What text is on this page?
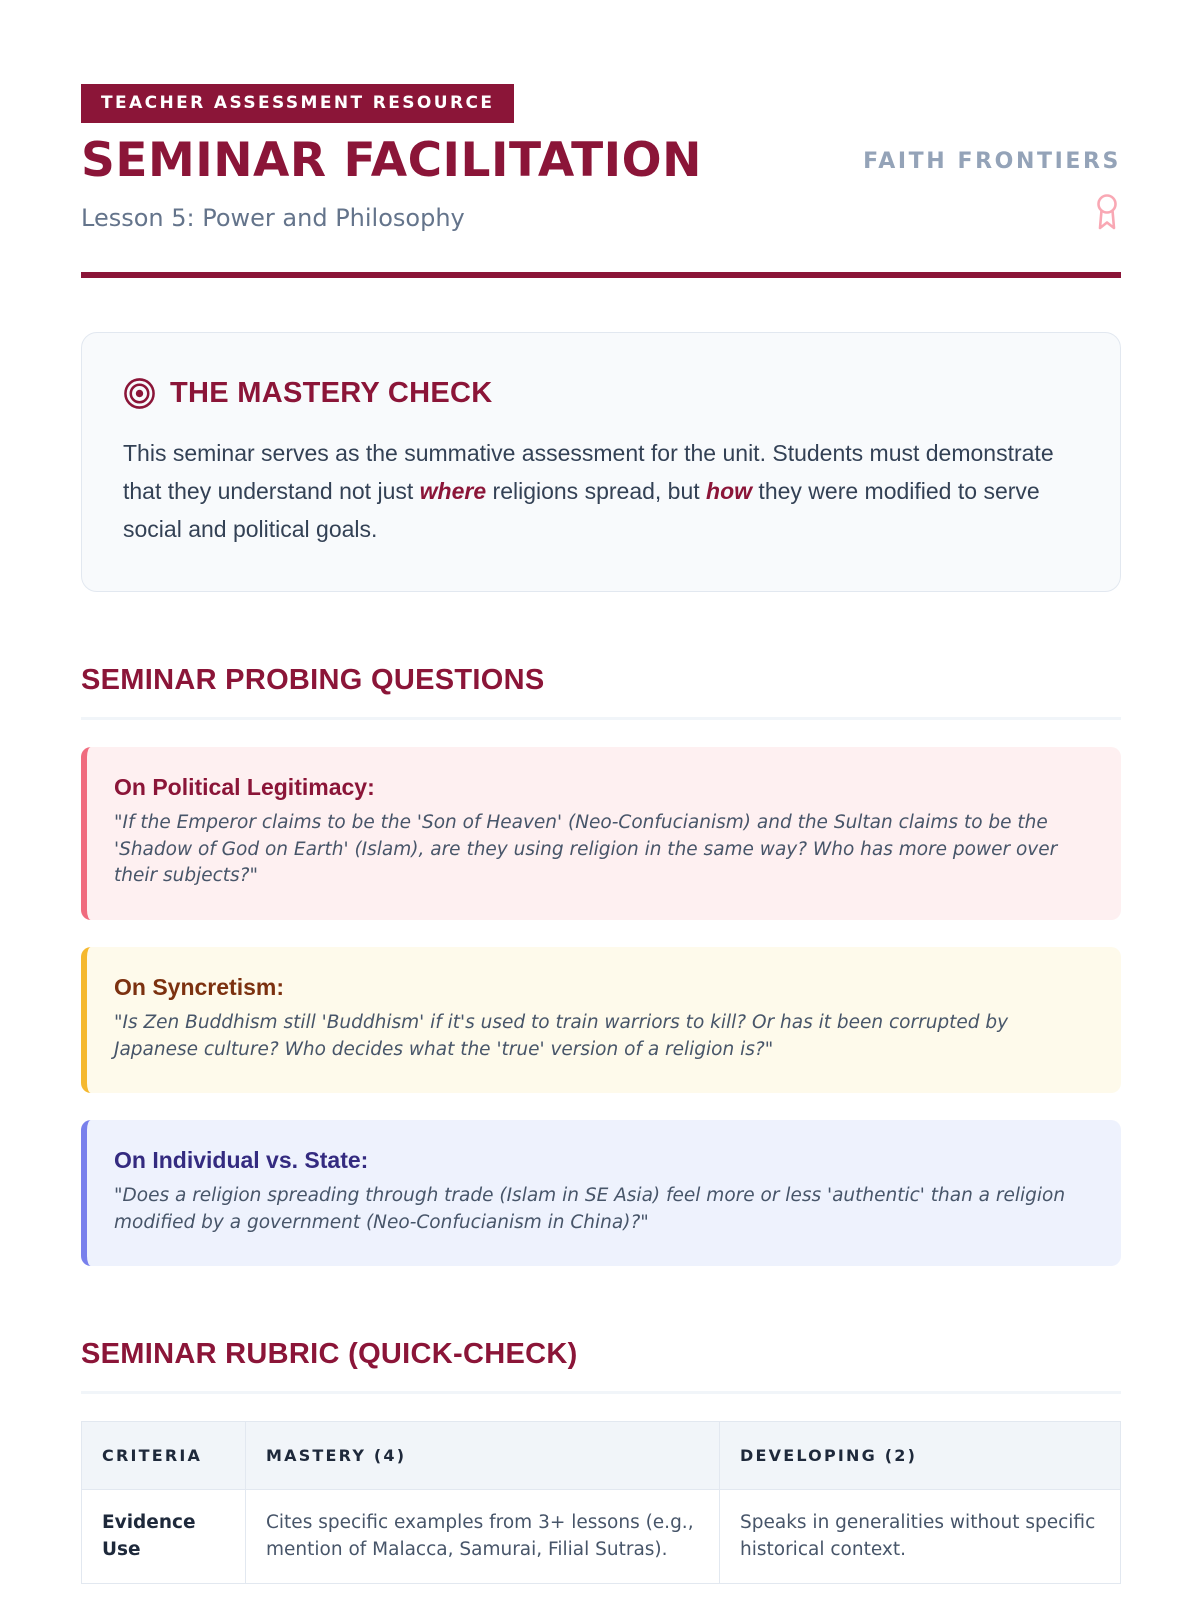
TEACHER ASSESSMENT RESOURCE
SEMINAR FACILITATION
Lesson 5: Power and Philosophy
FAITH FRONTIERS
THE MASTERY CHECK
This seminar serves as the summative assessment for the unit. Students must demonstrate that they understand not just where religions spread, but how they were modified to serve social and political goals.
SEMINAR PROBING QUESTIONS
On Political Legitimacy:
"If the Emperor claims to be the 'Son of Heaven' (Neo-Confucianism) and the Sultan claims to be the 'Shadow of God on Earth' (Islam), are they using religion in the same way? Who has more power over their subjects?"
On Syncretism:
"Is Zen Buddhism still 'Buddhism' if it's used to train warriors to kill? Or has it been corrupted by Japanese culture? Who decides what the 'true' version of a religion is?"
On Individual vs. State:
"Does a religion spreading through trade (Islam in SE Asia) feel more or less 'authentic' than a religion modified by a government (Neo-Confucianism in China)?"
SEMINAR RUBRIC (QUICK-CHECK)
CRITERIA	MASTERY (4)	DEVELOPING (2)
Evidence Use	Cites specific examples from 3+ lessons (e.g., mention of Malacca, Samurai, Filial Sutras).	Speaks in generalities without specific historical context.
